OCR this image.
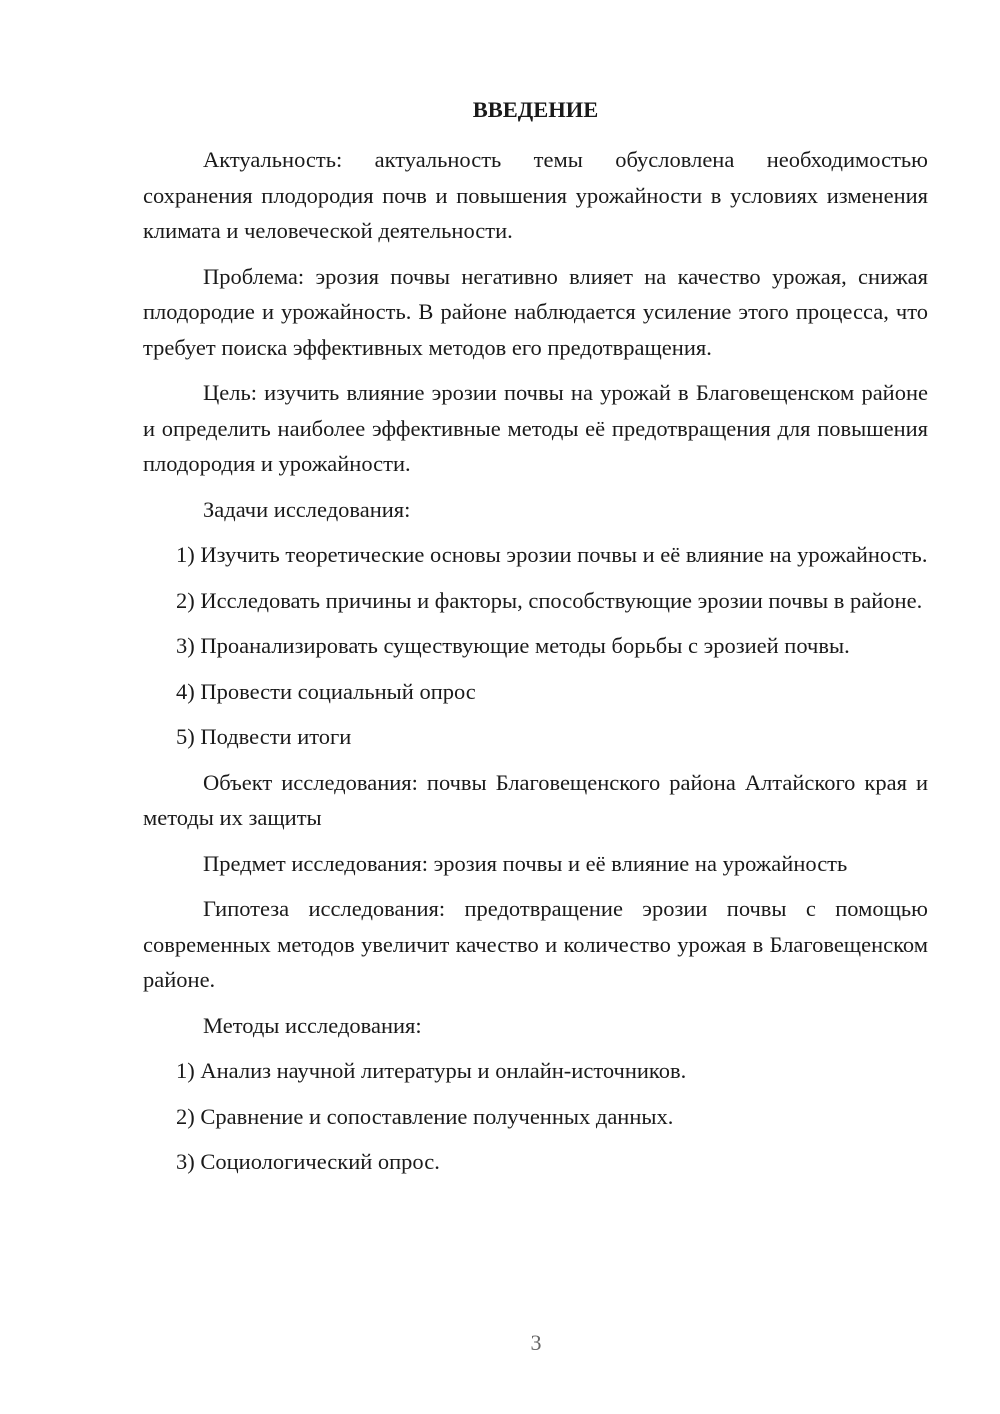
ВВЕДЕНИЕ

Актуальность: актуальность темы обусловлена необходимостью сохранения плодородия почв и повышения урожайности в условиях изменения климата и человеческой деятельности.

Проблема: эрозия почвы негативно влияет на качество урожая, снижая плодородие и урожайность. В районе наблюдается усиление этого процесса, что требует поиска эффективных методов его предотвращения.

Цель: изучить влияние эрозии почвы на урожай в Благовещенском районе и определить наиболее эффективные методы её предотвращения для повышения плодородия и урожайности.

Задачи исследования:

1) Изучить теоретические основы эрозии почвы и её влияние на урожайность.

2) Исследовать причины и факторы, способствующие эрозии почвы в районе.

3) Проанализировать существующие методы борьбы с эрозией почвы.

4) Провести социальный опрос

5) Подвести итоги

Объект исследования: почвы Благовещенского района Алтайского края и методы их защиты

Предмет исследования: эрозия почвы и её влияние на урожайность

Гипотеза исследования: предотвращение эрозии почвы с помощью современных методов увеличит качество и количество урожая в Благовещенском районе.

Методы исследования:

1) Анализ научной литературы и онлайн-источников.

2) Сравнение и сопоставление полученных данных.

3) Социологический опрос.

3
